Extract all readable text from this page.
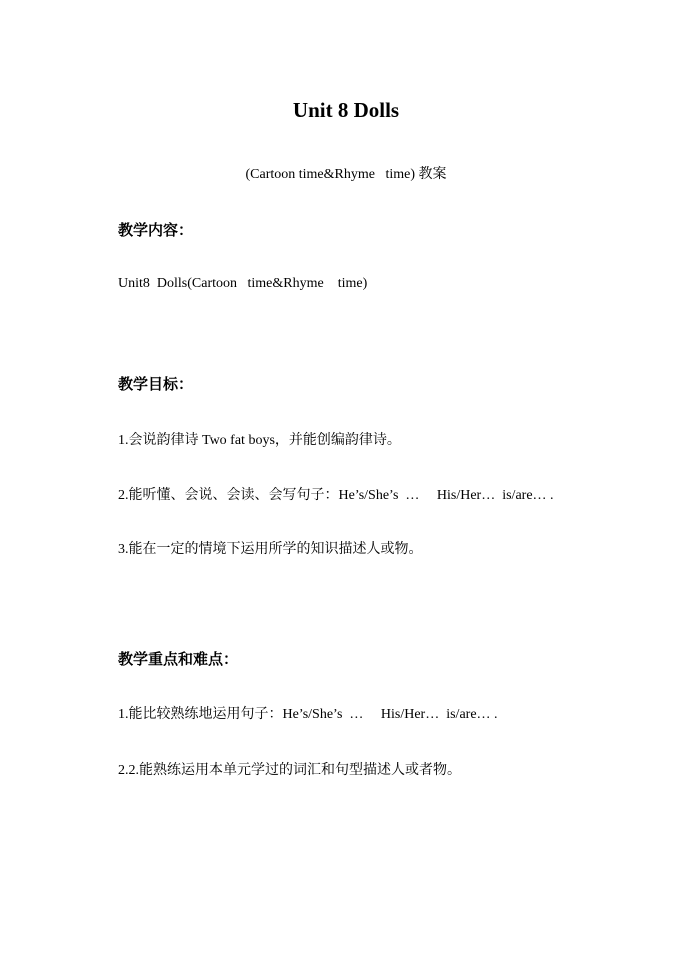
Unit 8 Dolls
(Cartoon time&Rhyme   time) 教案
教学内容：
Unit8  Dolls(Cartoon   time&Rhyme    time)
教学目标：
1.会说韵律诗 Two fat boys，并能创编韵律诗。
2.能听懂、会说、会读、会写句子：He’s/She’s  …     His/Her…  is/are… .
3.能在一定的情境下运用所学的知识描述人或物。
教学重点和难点：
1.能比较熟练地运用句子：He’s/She’s  …     His/Her…  is/are… .
2.2.能熟练运用本单元学过的词汇和句型描述人或者物。
